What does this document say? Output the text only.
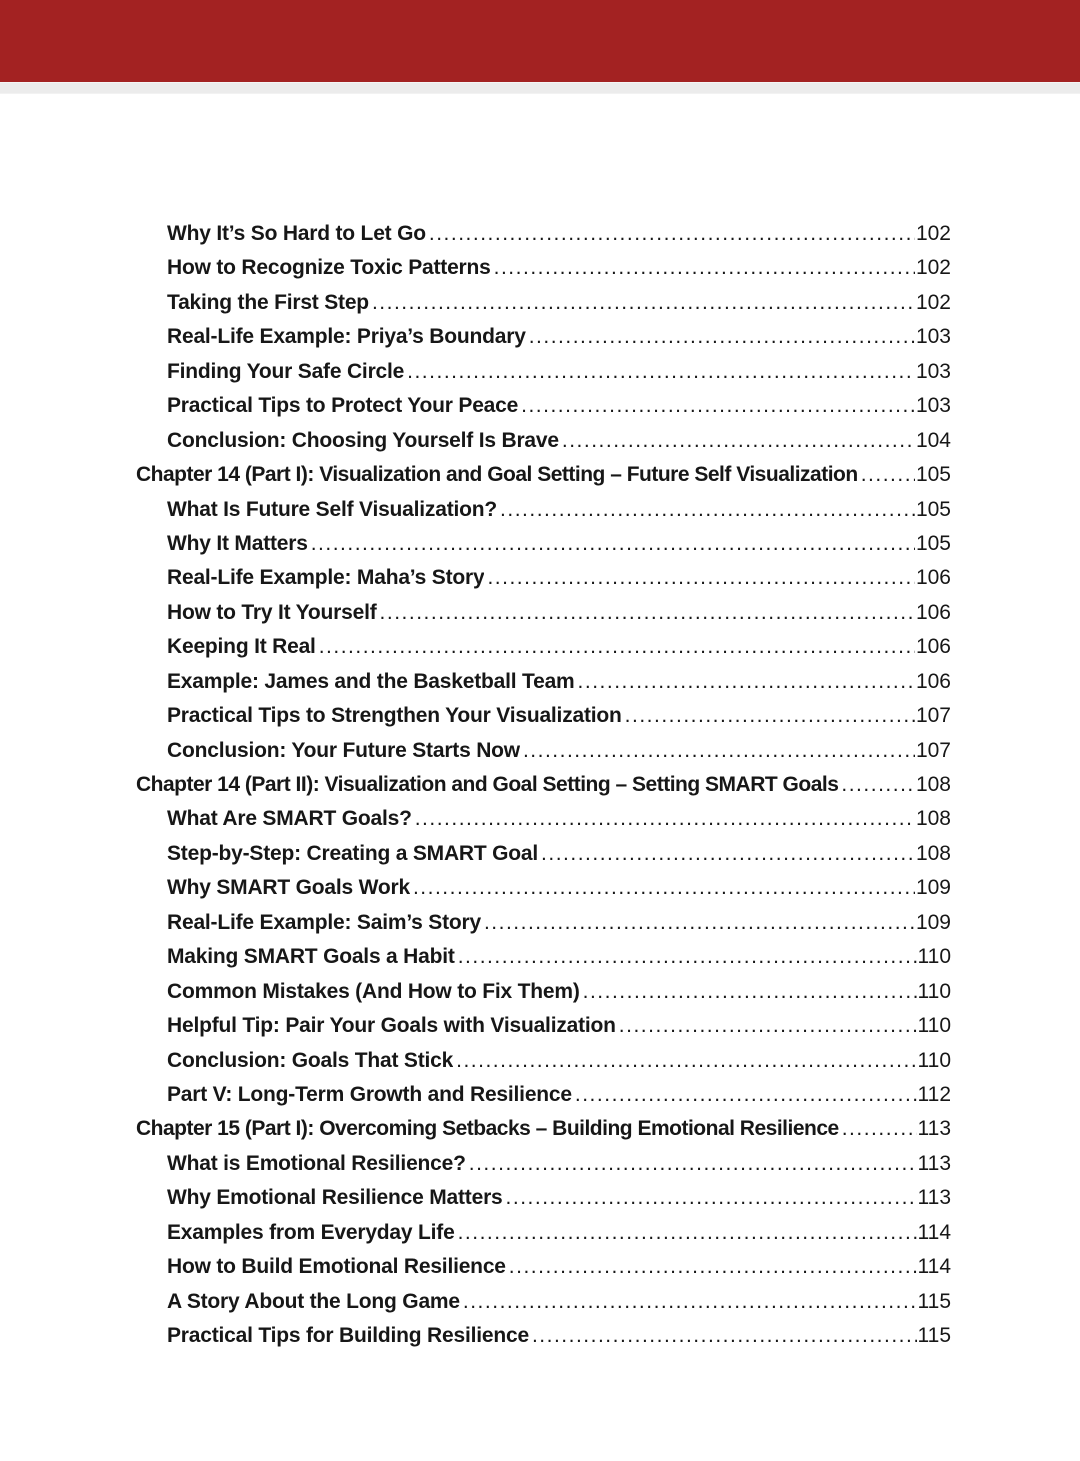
Why It’s So Hard to Let Go .....	102
How to Recognize Toxic Patterns .....	102
Taking the First Step .....	102
Real-Life Example: Priya’s Boundary .....	103
Finding Your Safe Circle .....	103
Practical Tips to Protect Your Peace .....	103
Conclusion: Choosing Yourself Is Brave .....	104
Chapter 14 (Part I): Visualization and Goal Setting – Future Self Visualization .....	105
What Is Future Self Visualization? .....	105
Why It Matters .....	105
Real-Life Example: Maha’s Story .....	106
How to Try It Yourself .....	106
Keeping It Real .....	106
Example: James and the Basketball Team .....	106
Practical Tips to Strengthen Your Visualization .....	107
Conclusion: Your Future Starts Now .....	107
Chapter 14 (Part II): Visualization and Goal Setting – Setting SMART Goals .....	108
What Are SMART Goals? .....	108
Step-by-Step: Creating a SMART Goal .....	108
Why SMART Goals Work .....	109
Real-Life Example: Saim’s Story .....	109
Making SMART Goals a Habit .....	110
Common Mistakes (And How to Fix Them) .....	110
Helpful Tip: Pair Your Goals with Visualization .....	110
Conclusion: Goals That Stick .....	110
Part V: Long-Term Growth and Resilience .....	112
Chapter 15 (Part I): Overcoming Setbacks – Building Emotional Resilience .....	113
What is Emotional Resilience? .....	113
Why Emotional Resilience Matters .....	113
Examples from Everyday Life .....	114
How to Build Emotional Resilience .....	114
A Story About the Long Game .....	115
Practical Tips for Building Resilience .....	115
